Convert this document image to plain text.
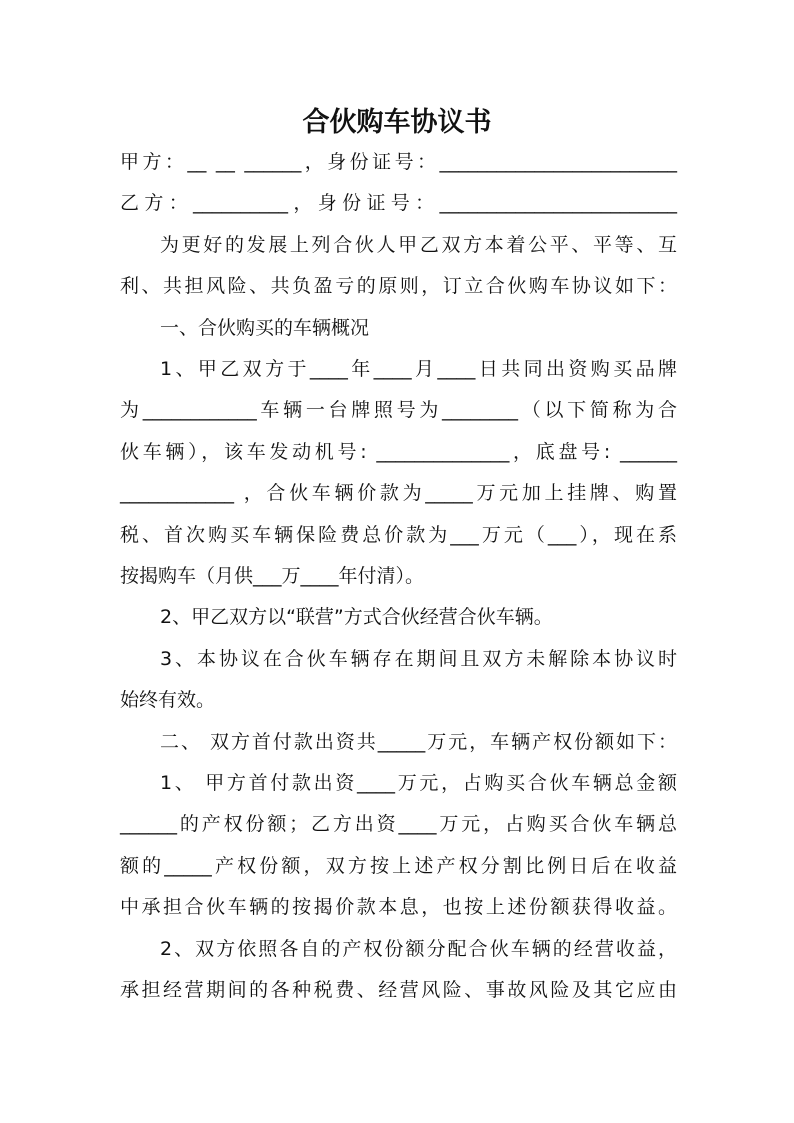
合伙购车协议书
甲方：__ __ ______，身份证号：_________________________
乙方：__________，身份证号：_________________________
为更好的发展上列合伙人甲乙双方本着公平、平等、互
利、共担风险、共负盈亏的原则，订立合伙购车协议如下：
一、合伙购买的车辆概况
1、甲乙双方于____年____月____日共同出资购买品牌
为____________车辆一台牌照号为________（以下简称为合
伙车辆），该车发动机号: ______________，底盘号: ______
____________ ，合伙车辆价款为_____万元加上挂牌、购置
税、首次购买车辆保险费总价款为___万元（___），现在系
按揭购车（月供___万____年付清）。
2、甲乙双方以“联营”方式合伙经营合伙车辆。
3、本协议在合伙车辆存在期间且双方未解除本协议时
始终有效。
二、 双方首付款出资共_____万元，车辆产权份额如下：
1、 甲方首付款出资____万元，占购买合伙车辆总金额
______的产权份额；乙方出资____万元，占购买合伙车辆总
额的_____产权份额，双方按上述产权分割比例日后在收益
中承担合伙车辆的按揭价款本息，也按上述份额获得收益。
2、双方依照各自的产权份额分配合伙车辆的经营收益，
承担经营期间的各种税费、经营风险、事故风险及其它应由
